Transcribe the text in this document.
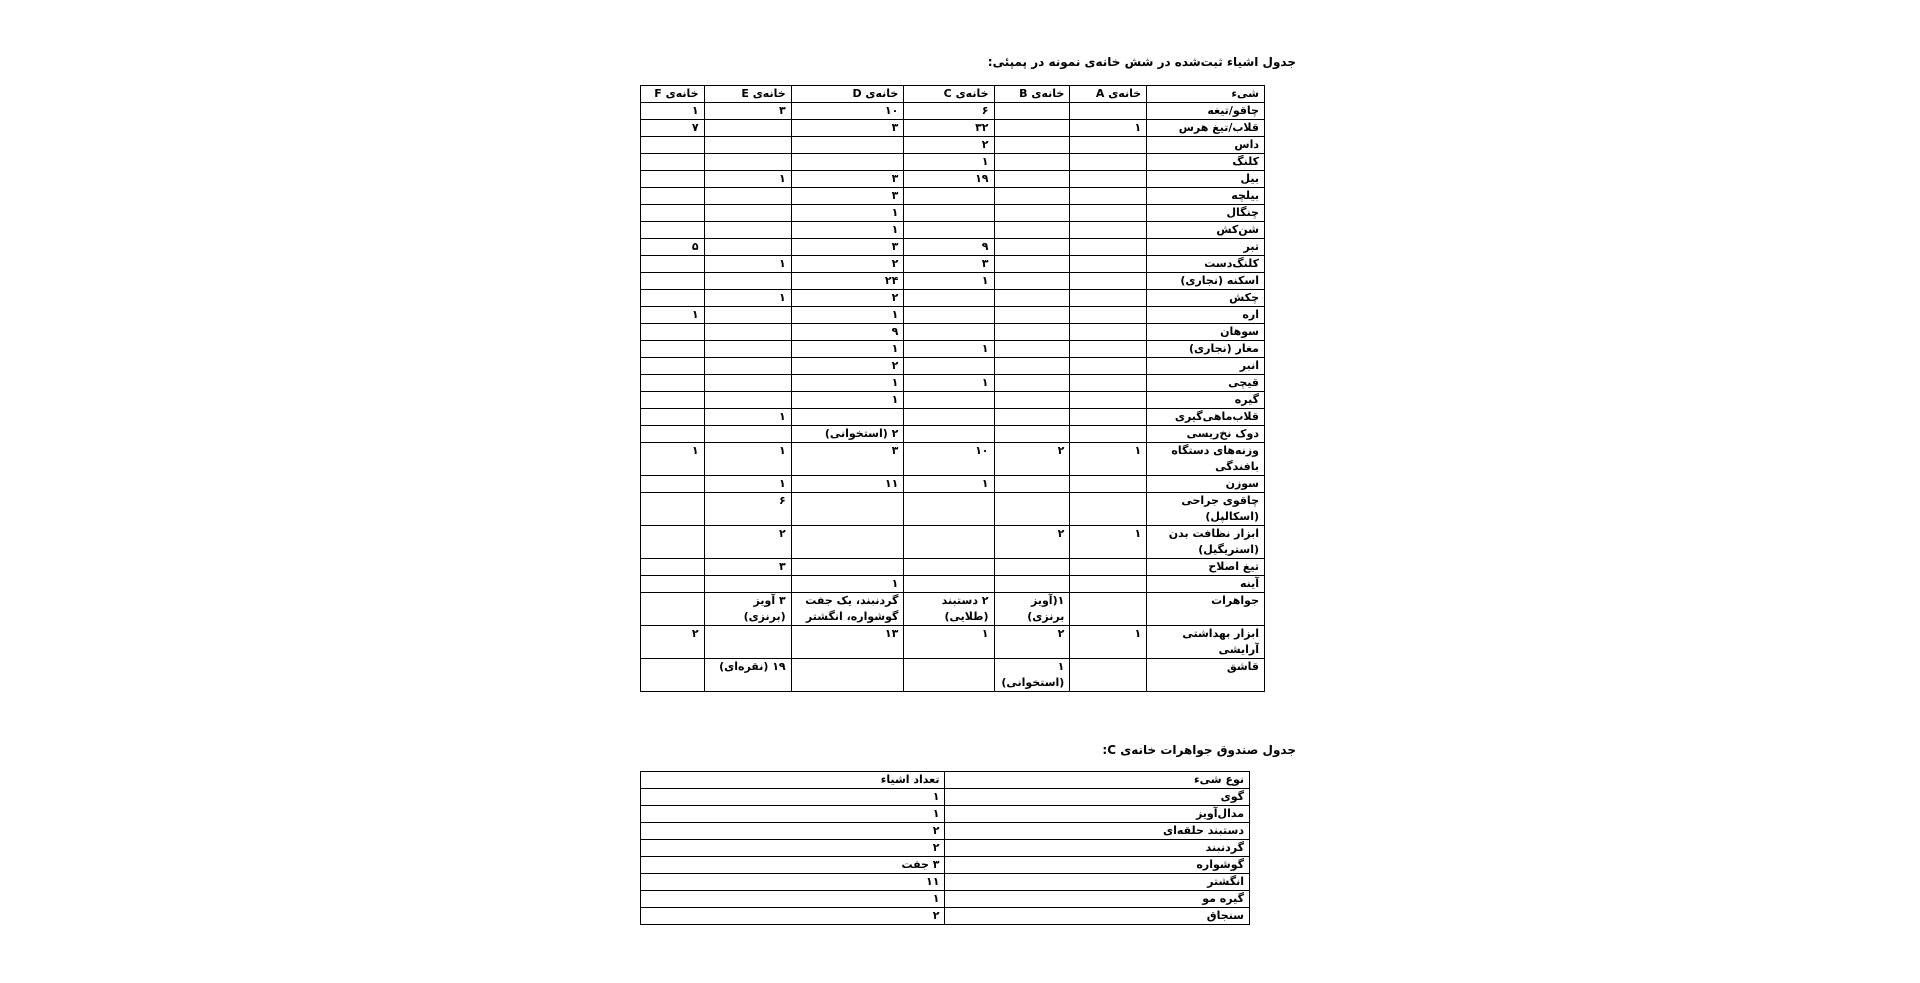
جدول اشیاء ثبت‌شده در شش خانه‌ی نمونه در پمپئی:
شیء	خانه‌ی A	خانه‌ی B	خانه‌ی C	خانه‌ی D	خانه‌ی E	خانه‌ی F
چاقو/تیغه			۶	۱۰	۳	۱
قلاب/تیغ هرس	۱		۳۲	۳		۷
داس			۲			
کلنگ			۱			
بیل			۱۹	۳	۱	
بیلچه				۳		
چنگال				۱		
شن‌کش				۱		
تبر			۹	۳		۵
کلنگ‌دست			۳	۲	۱	
اسکنه (نجاری)			۱	۲۴		
چکش				۲	۱	
اره				۱		۱
سوهان				۹		
مغار (نجاری)			۱	۱		
انبر				۲		
قیچی			۱	۱		
گیره				۱		
قلاب‌ماهی‌گیری					۱	
دوک نخ‌ریسی				۲ (استخوانی)		
وزنه‌های دستگاه بافندگی	۱	۲	۱۰	۳	۱	۱
سوزن			۱	۱۱	۱	
چاقوی جراحی (اسکالپل)					۶	
ابزار نظافت بدن (استریگیل)	۱	۲			۲	
تیغ اصلاح					۳	
آینه				۱		
جواهرات		۱(آویز برنزی)	۲ دستبند (طلایی)	گردنبند، یک جفت گوشواره، انگشتر	۳ آویز (برنزی)	
ابزار بهداشتی آرایشی	۱	۲	۱	۱۳		۲
قاشق		۱ (استخوانی)			۱۹ (نقره‌ای)	
جدول صندوق جواهرات خانه‌ی C:
نوع شیء	تعداد اشیاء
گوی	۱
مدال‌آویز	۱
دستبند حلقه‌ای	۲
گردنبند	۲
گوشواره	۳ جفت
انگشتر	۱۱
گیره مو	۱
سنجاق	۲
